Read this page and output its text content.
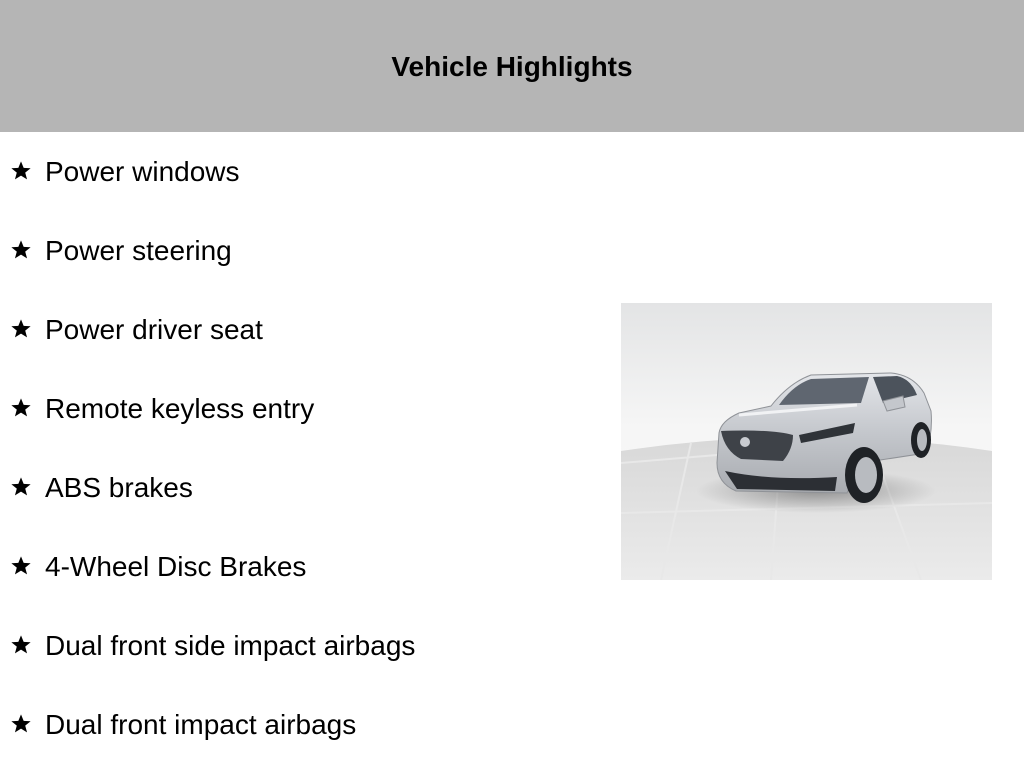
Vehicle Highlights
Power windows
Power steering
Power driver seat
Remote keyless entry
ABS brakes
4-Wheel Disc Brakes
Dual front side impact airbags
Dual front impact airbags
